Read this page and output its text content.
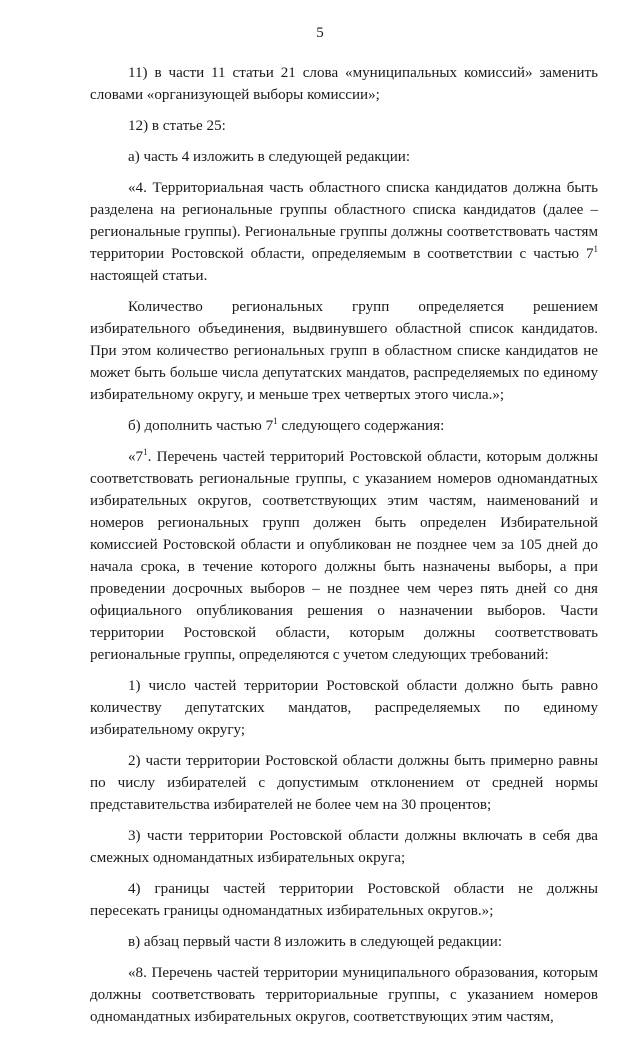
5

11) в части 11 статьи 21 слова «муниципальных комиссий» заменить словами «организующей выборы комиссии»;

12) в статье 25:

а) часть 4 изложить в следующей редакции:

«4. Территориальная часть областного списка кандидатов должна быть разделена на региональные группы областного списка кандидатов (далее – региональные группы). Региональные группы должны соответствовать частям территории Ростовской области, определяемым в соответствии с частью $7^1$ настоящей статьи.

Количество региональных групп определяется решением избирательного объединения, выдвинувшего областной список кандидатов. При этом количество региональных групп в областном списке кандидатов не может быть больше числа депутатских мандатов, распределяемых по единому избирательному округу, и меньше трех четвертых этого числа.»;

б) дополнить частью $7^1$ следующего содержания:

«$7^1$. Перечень частей территорий Ростовской области, которым должны соответствовать региональные группы, с указанием номеров одномандатных избирательных округов, соответствующих этим частям, наименований и номеров региональных групп должен быть определен Избирательной комиссией Ростовской области и опубликован не позднее чем за 105 дней до начала срока, в течение которого должны быть назначены выборы, а при проведении досрочных выборов – не позднее чем через пять дней со дня официального опубликования решения о назначении выборов. Части территории Ростовской области, которым должны соответствовать региональные группы, определяются с учетом следующих требований:

1) число частей территории Ростовской области должно быть равно количеству депутатских мандатов, распределяемых по единому избирательному округу;

2) части территории Ростовской области должны быть примерно равны по числу избирателей с допустимым отклонением от средней нормы представительства избирателей не более чем на 30 процентов;

3) части территории Ростовской области должны включать в себя два смежных одномандатных избирательных округа;

4) границы частей территории Ростовской области не должны пересекать границы одномандатных избирательных округов.»;

в) абзац первый части 8 изложить в следующей редакции:

«8. Перечень частей территории муниципального образования, которым должны соответствовать территориальные группы, с указанием номеров одномандатных избирательных округов, соответствующих этим частям,
